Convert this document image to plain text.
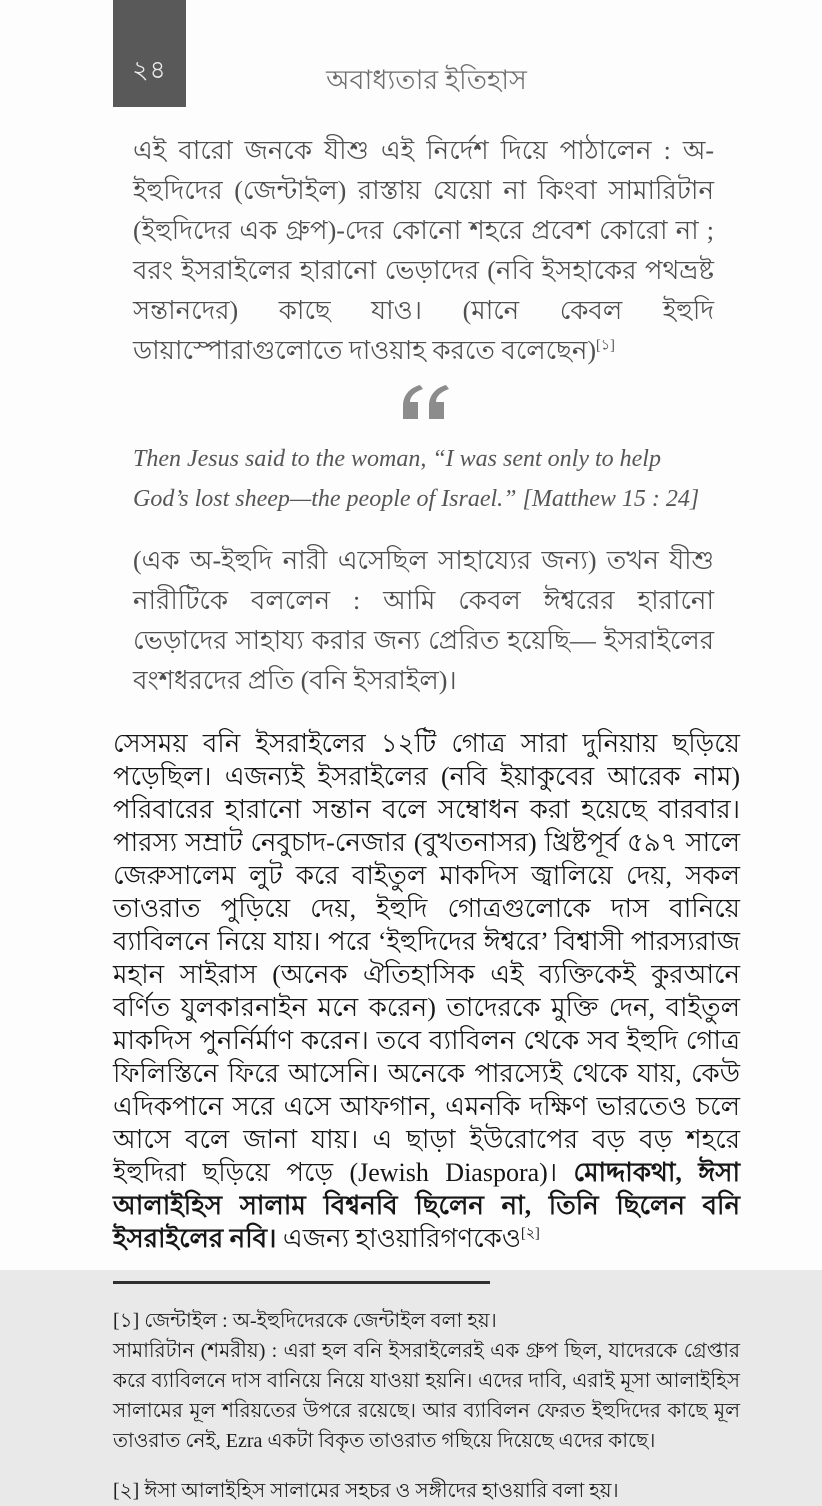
২৪	অবাধ্যতার ইতিহাস

এই বারো জনকে যীশু এই নির্দেশ দিয়ে পাঠালেন : অ-ইহুদিদের (জেন্টাইল) রাস্তায় যেয়ো না কিংবা সামারিটান (ইহুদিদের এক গ্রুপ)-দের কোনো শহরে প্রবেশ কোরো না ; বরং ইসরাইলের হারানো ভেড়াদের (নবি ইসহাকের পথভ্রষ্ট সন্তানদের) কাছে যাও। (মানে কেবল ইহুদি ডায়াস্পোরাগুলোতে দাওয়াহ করতে বলেছেন)[১]

Then Jesus said to the woman, “I was sent only to help God’s lost sheep—the people of Israel.” [Matthew 15 : 24]

(এক অ-ইহুদি নারী এসেছিল সাহায্যের জন্য) তখন যীশু নারীটিকে বললেন : আমি কেবল ঈশ্বরের হারানো ভেড়াদের সাহায্য করার জন্য প্রেরিত হয়েছি— ইসরাইলের বংশধরদের প্রতি (বনি ইসরাইল)।

সেসময় বনি ইসরাইলের ১২টি গোত্র সারা দুনিয়ায় ছড়িয়ে পড়েছিল। এজন্যই ইসরাইলের (নবি ইয়াকুবের আরেক নাম) পরিবারের হারানো সন্তান বলে সম্বোধন করা হয়েছে বারবার। পারস্য সম্রাট নেবুচাদ-নেজার (বুখতনাসর) খ্রিষ্টপূর্ব ৫৯৭ সালে জেরুসালেম লুট করে বাইতুল মাকদিস জ্বালিয়ে দেয়, সকল তাওরাত পুড়িয়ে দেয়, ইহুদি গোত্রগুলোকে দাস বানিয়ে ব্যাবিলনে নিয়ে যায়। পরে ‘ইহুদিদের ঈশ্বরে’ বিশ্বাসী পারস্যরাজ মহান সাইরাস (অনেক ঐতিহাসিক এই ব্যক্তিকেই কুরআনে বর্ণিত যুলকারনাইন মনে করেন) তাদেরকে মুক্তি দেন, বাইতুল মাকদিস পুনর্নির্মাণ করেন। তবে ব্যাবিলন থেকে সব ইহুদি গোত্র ফিলিস্তিনে ফিরে আসেনি। অনেকে পারস্যেই থেকে যায়, কেউ এদিকপানে সরে এসে আফগান, এমনকি দক্ষিণ ভারতেও চলে আসে বলে জানা যায়। এ ছাড়া ইউরোপের বড় বড় শহরে ইহুদিরা ছড়িয়ে পড়ে (Jewish Diaspora)। মোদ্দাকথা, ঈসা আলাইহিস সালাম বিশ্বনবি ছিলেন না, তিনি ছিলেন বনি ইসরাইলের নবি। এজন্য হাওয়ারিগণকেও[২]

[১] জেন্টাইল : অ-ইহুদিদেরকে জেন্টাইল বলা হয়।

সামারিটান (শমরীয়) : এরা হল বনি ইসরাইলেরই এক গ্রুপ ছিল, যাদেরকে গ্রেপ্তার করে ব্যাবিলনে দাস বানিয়ে নিয়ে যাওয়া হয়নি। এদের দাবি, এরাই মূসা আলাইহিস সালামের মূল শরিয়তের উপরে রয়েছে। আর ব্যাবিলন ফেরত ইহুদিদের কাছে মূল তাওরাত নেই, Ezra একটা বিকৃত তাওরাত গছিয়ে দিয়েছে এদের কাছে।

[২] ঈসা আলাইহিস সালামের সহচর ও সঙ্গীদের হাওয়ারি বলা হয়।
